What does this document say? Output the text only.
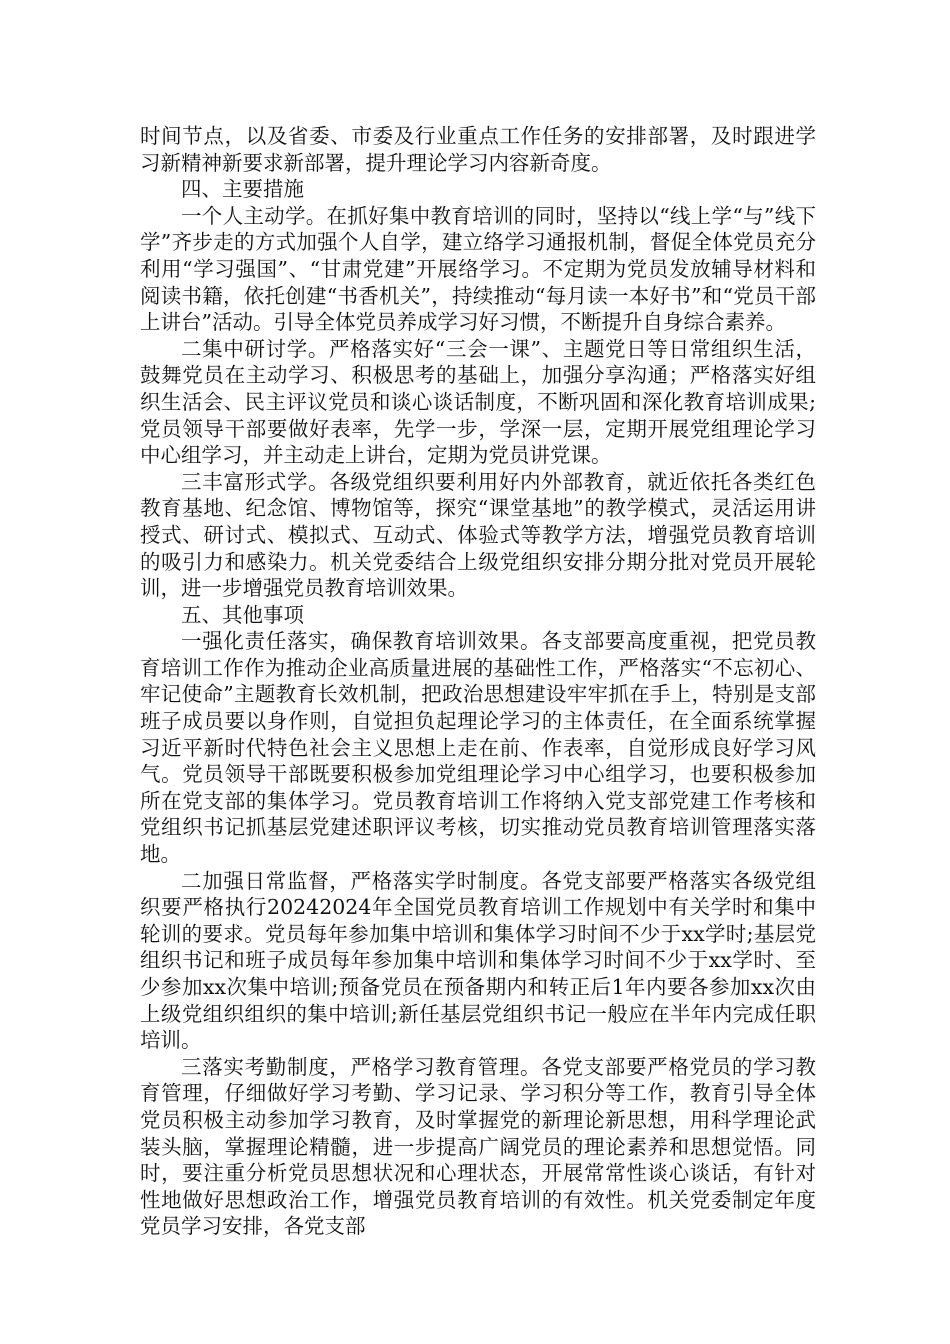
时间节点，以及省委、市委及行业重点工作任务的安排部署，及时跟进学习新精神新要求新部署，提升理论学习内容新奇度。

四、主要措施

一个人主动学。在抓好集中教育培训的同时，坚持以“线上学“与”线下学”齐步走的方式加强个人自学，建立络学习通报机制，督促全体党员充分利用“学习强国”、“甘肃党建”开展络学习。不定期为党员发放辅导材料和阅读书籍，依托创建“书香机关”，持续推动“每月读一本好书”和“党员干部上讲台”活动。引导全体党员养成学习好习惯，不断提升自身综合素养。

二集中研讨学。严格落实好“三会一课”、主题党日等日常组织生活，鼓舞党员在主动学习、积极思考的基础上，加强分享沟通；严格落实好组织生活会、民主评议党员和谈心谈话制度，不断巩固和深化教育培训成果;党员领导干部要做好表率，先学一步，学深一层，定期开展党组理论学习中心组学习，并主动走上讲台，定期为党员讲党课。

三丰富形式学。各级党组织要利用好内外部教育，就近依托各类红色教育基地、纪念馆、博物馆等，探究“课堂基地”的教学模式，灵活运用讲授式、研讨式、模拟式、互动式、体验式等教学方法，增强党员教育培训的吸引力和感染力。机关党委结合上级党组织安排分期分批对党员开展轮训，进一步增强党员教育培训效果。

五、其他事项

一强化责任落实，确保教育培训效果。各支部要高度重视，把党员教育培训工作作为推动企业高质量进展的基础性工作，严格落实“不忘初心、牢记使命”主题教育长效机制，把政治思想建设牢牢抓在手上，特别是支部班子成员要以身作则，自觉担负起理论学习的主体责任，在全面系统掌握习近平新时代特色社会主义思想上走在前、作表率，自觉形成良好学习风气。党员领导干部既要积极参加党组理论学习中心组学习，也要积极参加所在党支部的集体学习。党员教育培训工作将纳入党支部党建工作考核和党组织书记抓基层党建述职评议考核，切实推动党员教育培训管理落实落地。

二加强日常监督，严格落实学时制度。各党支部要严格落实各级党组织要严格执行20242024年全国党员教育培训工作规划中有关学时和集中轮训的要求。党员每年参加集中培训和集体学习时间不少于xx学时;基层党组织书记和班子成员每年参加集中培训和集体学习时间不少于xx学时、至少参加xx次集中培训;预备党员在预备期内和转正后1年内要各参加xx次由上级党组织组织的集中培训;新任基层党组织书记一般应在半年内完成任职培训。

三落实考勤制度，严格学习教育管理。各党支部要严格党员的学习教育管理，仔细做好学习考勤、学习记录、学习积分等工作，教育引导全体党员积极主动参加学习教育，及时掌握党的新理论新思想，用科学理论武装头脑，掌握理论精髓，进一步提高广阔党员的理论素养和思想觉悟。同时，要注重分析党员思想状况和心理状态，开展常常性谈心谈话，有针对性地做好思想政治工作，增强党员教育培训的有效性。机关党委制定年度党员学习安排，各党支部
